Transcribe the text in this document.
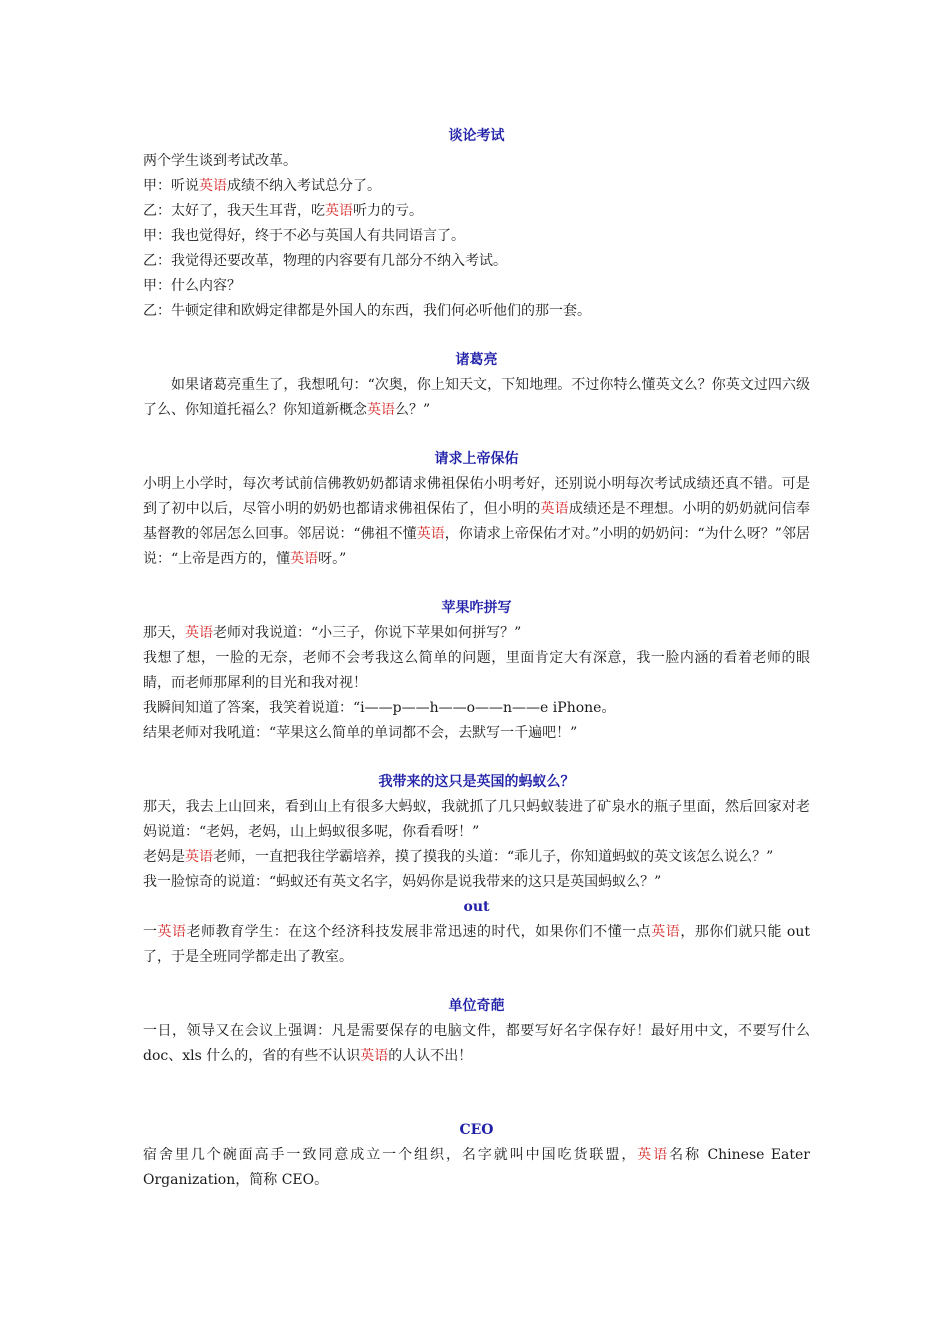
谈论考试
两个学生谈到考试改革。
甲：听说英语成绩不纳入考试总分了。
乙：太好了，我天生耳背，吃英语听力的亏。
甲：我也觉得好，终于不必与英国人有共同语言了。
乙：我觉得还要改革，物理的内容要有几部分不纳入考试。
甲：什么内容？
乙：牛顿定律和欧姆定律都是外国人的东西，我们何必听他们的那一套。
诸葛亮

如果诸葛亮重生了，我想吼句：“次奥，你上知天文，下知地理。不过你特么懂英文么？你英文过四六级了么、你知道托福么？你知道新概念英语么？”

请求上帝保佑

小明上小学时，每次考试前信佛教奶奶都请求佛祖保佑小明考好，还别说小明每次考试成绩还真不错。可是到了初中以后，尽管小明的奶奶也都请求佛祖保佑了，但小明的英语成绩还是不理想。小明的奶奶就问信奉基督教的邻居怎么回事。邻居说：“佛祖不懂英语，你请求上帝保佑才对。”小明的奶奶问：“为什么呀？”邻居说：“上帝是西方的，懂英语呀。”

苹果咋拼写

那天，英语老师对我说道：“小三子，你说下苹果如何拼写？”

我想了想，一脸的无奈，老师不会考我这么简单的问题，里面肯定大有深意，我一脸内涵的看着老师的眼睛，而老师那犀利的目光和我对视！

我瞬间知道了答案，我笑着说道：“i——p——h——o——n——e iPhone。

结果老师对我吼道：“苹果这么简单的单词都不会，去默写一千遍吧！”

我带来的这只是英国的蚂蚁么？

那天，我去上山回来，看到山上有很多大蚂蚁，我就抓了几只蚂蚁装进了矿泉水的瓶子里面，然后回家对老妈说道：“老妈，老妈，山上蚂蚁很多呢，你看看呀！”

老妈是英语老师，一直把我往学霸培养，摸了摸我的头道：“乖儿子，你知道蚂蚁的英文该怎么说么？”

我一脸惊奇的说道：“蚂蚁还有英文名字，妈妈你是说我带来的这只是英国蚂蚁么？”

out

一英语老师教育学生：在这个经济科技发展非常迅速的时代，如果你们不懂一点英语，那你们就只能 out 了，于是全班同学都走出了教室。

单位奇葩

一日，领导又在会议上强调：凡是需要保存的电脑文件，都要写好名字保存好！最好用中文，不要写什么 doc、xls 什么的，省的有些不认识英语的人认不出！

CEO

宿舍里几个碗面高手一致同意成立一个组织，名字就叫中国吃货联盟，英语名称 Chinese Eater Organization，简称 CEO。
